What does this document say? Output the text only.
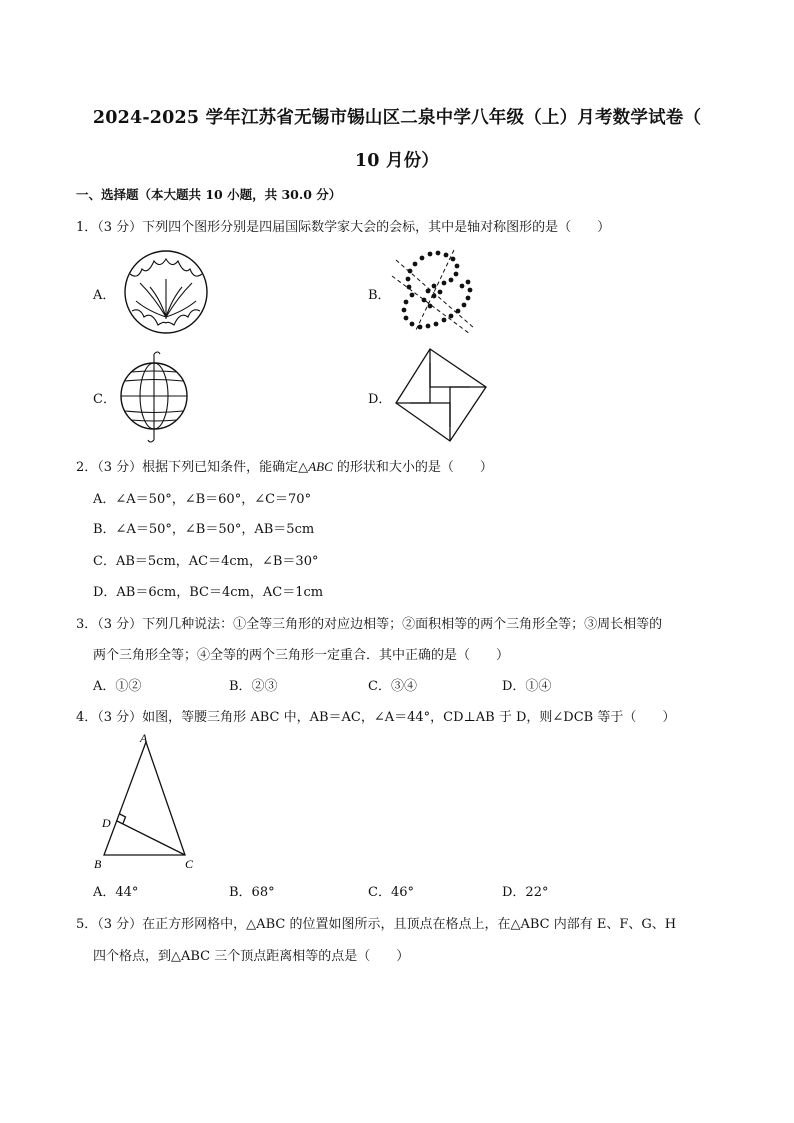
2024-2025 学年江苏省无锡市锡山区二泉中学八年级（上）月考数学试卷（
10 月份）
一、选择题（本大题共 10 小题，共 30.0 分）
1．（3 分）下列四个图形分别是四届国际数学家大会的会标，其中是轴对称图形的是（　　）
A．	B．
C．	D．
2．（3 分）根据下列已知条件，能确定△ABC 的形状和大小的是（　　）
A．∠A＝50°，∠B＝60°，∠C＝70°
B．∠A＝50°，∠B＝50°，AB＝5cm
C．AB＝5cm，AC＝4cm，∠B＝30°
D．AB＝6cm，BC＝4cm，AC＝1cm
3．（3 分）下列几种说法：①全等三角形的对应边相等；②面积相等的两个三角形全等；③周长相等的
两个三角形全等；④全等的两个三角形一定重合．其中正确的是（　　）
A．①②	B．②③	C．③④	D．①④
4．（3 分）如图，等腰三角形 ABC 中，AB＝AC，∠A＝44°，CD⊥AB 于 D，则∠DCB 等于（　　）
A
D
B	C
A．44°	B．68°	C．46°	D．22°
5．（3 分）在正方形网格中，△ABC 的位置如图所示，且顶点在格点上，在△ABC 内部有 E、F、G、H
四个格点，到△ABC 三个顶点距离相等的点是（　　）
